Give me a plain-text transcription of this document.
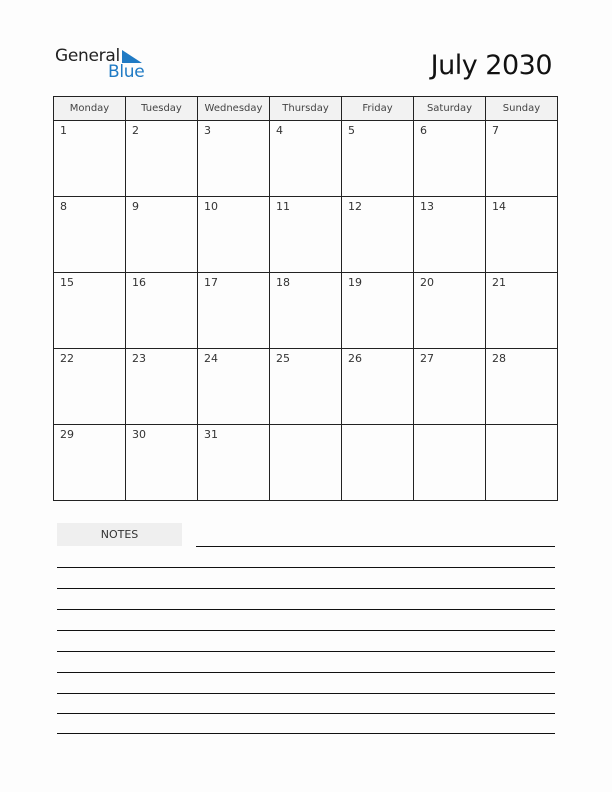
General
Blue	July 2030
Monday	Tuesday	Wednesday	Thursday	Friday	Saturday	Sunday

1	2	3	4	5	6	7

8	9	10	11	12	13	14

15	16	17	18	19	20	21

22	23	24	25	26	27	28

29	30	31				

NOTES
